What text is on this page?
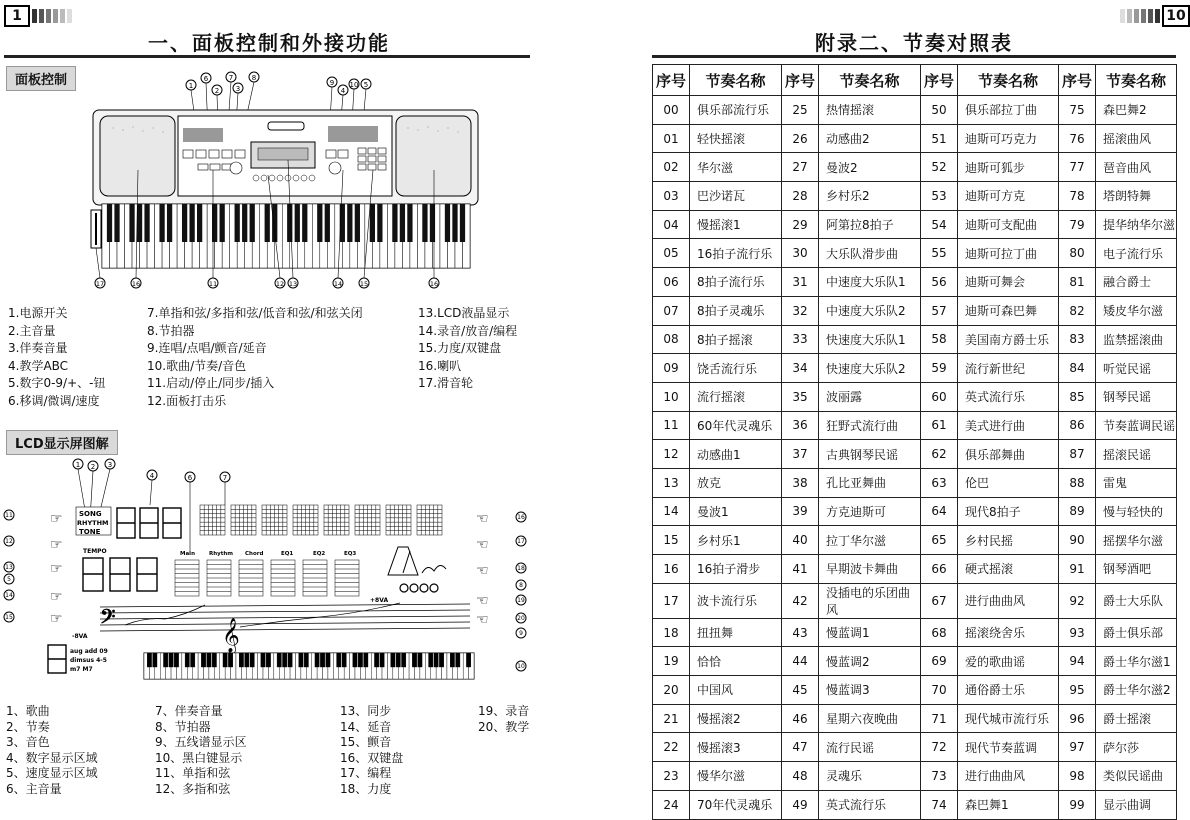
1
一、面板控制和外接功能
面板控制	1
6
2
7
3
8
9
4
10 5
17	16	11	12 13	14	15	16
1.电源开关
2.主音量
3.伴奏音量
4.教学ABC
5.数字0-9/+、-钮
6.移调/微调/速度
7.单指和弦/多指和弦/低音和弦/和弦关闭
8.节拍器
9.连唱/点唱/颤音/延音
10.歌曲/节奏/音色
11.启动/停止/同步/插入
12.面板打击乐
13.LCD液晶显示
14.录音/放音/编程
15.力度/双键盘
16.喇叭
17.滑音轮
LCD显示屏图解
1 2 3
4	6	7
SONG
RHYTHM
TONE
TEMPO	Main	Rhythm Chord	EQ1	EQ2	EQ3
𝄢	𝄞
-8VA
+8VA
aug add 09
dimsus 4-5
m7 M7
☞
☞
☞
☞
☞
☜
☜
☜
☜
☜
11
12
13
5
14
15
16
17
18
8
19
20
9
10
1、歌曲
2、节奏
3、音色
4、数字显示区域
5、速度显示区域
6、主音量
7、伴奏音量
8、节拍器
9、五线谱显示区
10、黑白键显示
11、单指和弦
12、多指和弦
13、同步
14、延音
15、颤音
16、双键盘
17、编程
18、力度
19、录音
20、教学
10
附录二、节奏对照表
序号	节奏名称	序号	节奏名称	序号	节奏名称	序号	节奏名称
00	俱乐部流行乐	25	热情摇滚	50	俱乐部拉丁曲	75	森巴舞2
01	轻快摇滚	26	动感曲2	51	迪斯可巧克力	76	摇滚曲风
02	华尔滋	27	曼波2	52	迪斯可狐步	77	琶音曲风
03	巴沙诺瓦	28	乡村乐2	53	迪斯可方克	78	塔朗特舞
04	慢摇滚1	29	阿第拉8拍子	54	迪斯可支配曲	79	提华纳华尔滋
05	16拍子流行乐	30	大乐队滑步曲	55	迪斯可拉丁曲	80	电子流行乐
06	8拍子流行乐	31	中速度大乐队1	56	迪斯可舞会	81	融合爵士
07	8拍子灵魂乐	32	中速度大乐队2	57	迪斯可森巴舞	82	矮皮华尔滋
08	8拍子摇滚	33	快速度大乐队1	58	美国南方爵士乐	83	监禁摇滚曲
09	饶舌流行乐	34	快速度大乐队2	59	流行新世纪	84	听觉民谣
10	流行摇滚	35	波丽露	60	英式流行乐	85	钢琴民谣
11	60年代灵魂乐	36	狂野式流行曲	61	美式进行曲	86	节奏蓝调民谣
12	动感曲1	37	古典钢琴民谣	62	俱乐部舞曲	87	摇滚民谣
13	放克	38	孔比亚舞曲	63	伦巴	88	雷鬼
14	曼波1	39	方克迪斯可	64	现代8拍子	89	慢与轻快的
15	乡村乐1	40	拉丁华尔滋	65	乡村民摇	90	摇摆华尔滋
16	16拍子滑步	41	早期波卡舞曲	66	硬式摇滚	91	钢琴酒吧
17	波卡流行乐	42	没插电的乐团曲风	67	进行曲曲风	92	爵士大乐队
18	扭扭舞	43	慢蓝调1	68	摇滚绕舍乐	93	爵士俱乐部
19	恰恰	44	慢蓝调2	69	爱的歌曲谣	94	爵士华尔滋1
20	中国风	45	慢蓝调3	70	通俗爵士乐	95	爵士华尔滋2
21	慢摇滚2	46	星期六夜晚曲	71	现代城市流行乐	96	爵士摇滚
22	慢摇滚3	47	流行民谣	72	现代节奏蓝调	97	萨尔莎
23	慢华尔滋	48	灵魂乐	73	进行曲曲风	98	类似民谣曲
24	70年代灵魂乐	49	英式流行乐	74	森巴舞1	99	显示曲调
